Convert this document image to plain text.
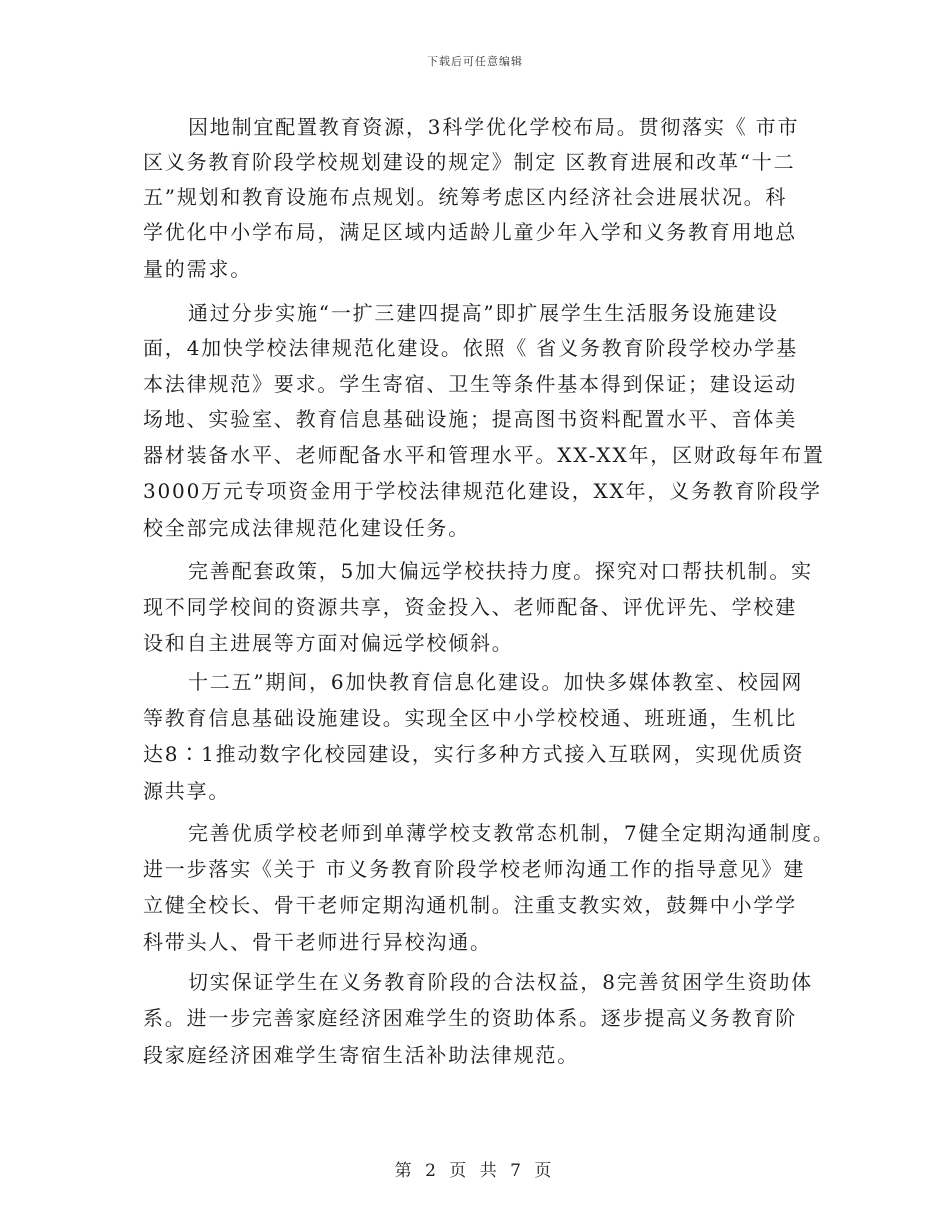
下载后可任意编辑
因地制宜配置教育资源，3科学优化学校布局。贯彻落实《 市市
区义务教育阶段学校规划建设的规定》制定 区教育进展和改革“十二
五”规划和教育设施布点规划。统筹考虑区内经济社会进展状况。科
学优化中小学布局，满足区域内适龄儿童少年入学和义务教育用地总
量的需求。
通过分步实施“一扩三建四提高”即扩展学生生活服务设施建设
面，4加快学校法律规范化建设。依照《 省义务教育阶段学校办学基
本法律规范》要求。学生寄宿、卫生等条件基本得到保证；建设运动
场地、实验室、教育信息基础设施；提高图书资料配置水平、音体美
器材装备水平、老师配备水平和管理水平。XX-XX年，区财政每年布置
3000万元专项资金用于学校法律规范化建设，XX年，义务教育阶段学
校全部完成法律规范化建设任务。
完善配套政策，5加大偏远学校扶持力度。探究对口帮扶机制。实
现不同学校间的资源共享，资金投入、老师配备、评优评先、学校建
设和自主进展等方面对偏远学校倾斜。
十二五”期间，6加快教育信息化建设。加快多媒体教室、校园网
等教育信息基础设施建设。实现全区中小学校校通、班班通，生机比
达8∶1推动数字化校园建设，实行多种方式接入互联网，实现优质资
源共享。
完善优质学校老师到单薄学校支教常态机制，7健全定期沟通制度。
进一步落实《关于 市义务教育阶段学校老师沟通工作的指导意见》建
立健全校长、骨干老师定期沟通机制。注重支教实效，鼓舞中小学学
科带头人、骨干老师进行异校沟通。
切实保证学生在义务教育阶段的合法权益，8完善贫困学生资助体
系。进一步完善家庭经济困难学生的资助体系。逐步提高义务教育阶
段家庭经济困难学生寄宿生活补助法律规范。
第 2 页 共 7 页
